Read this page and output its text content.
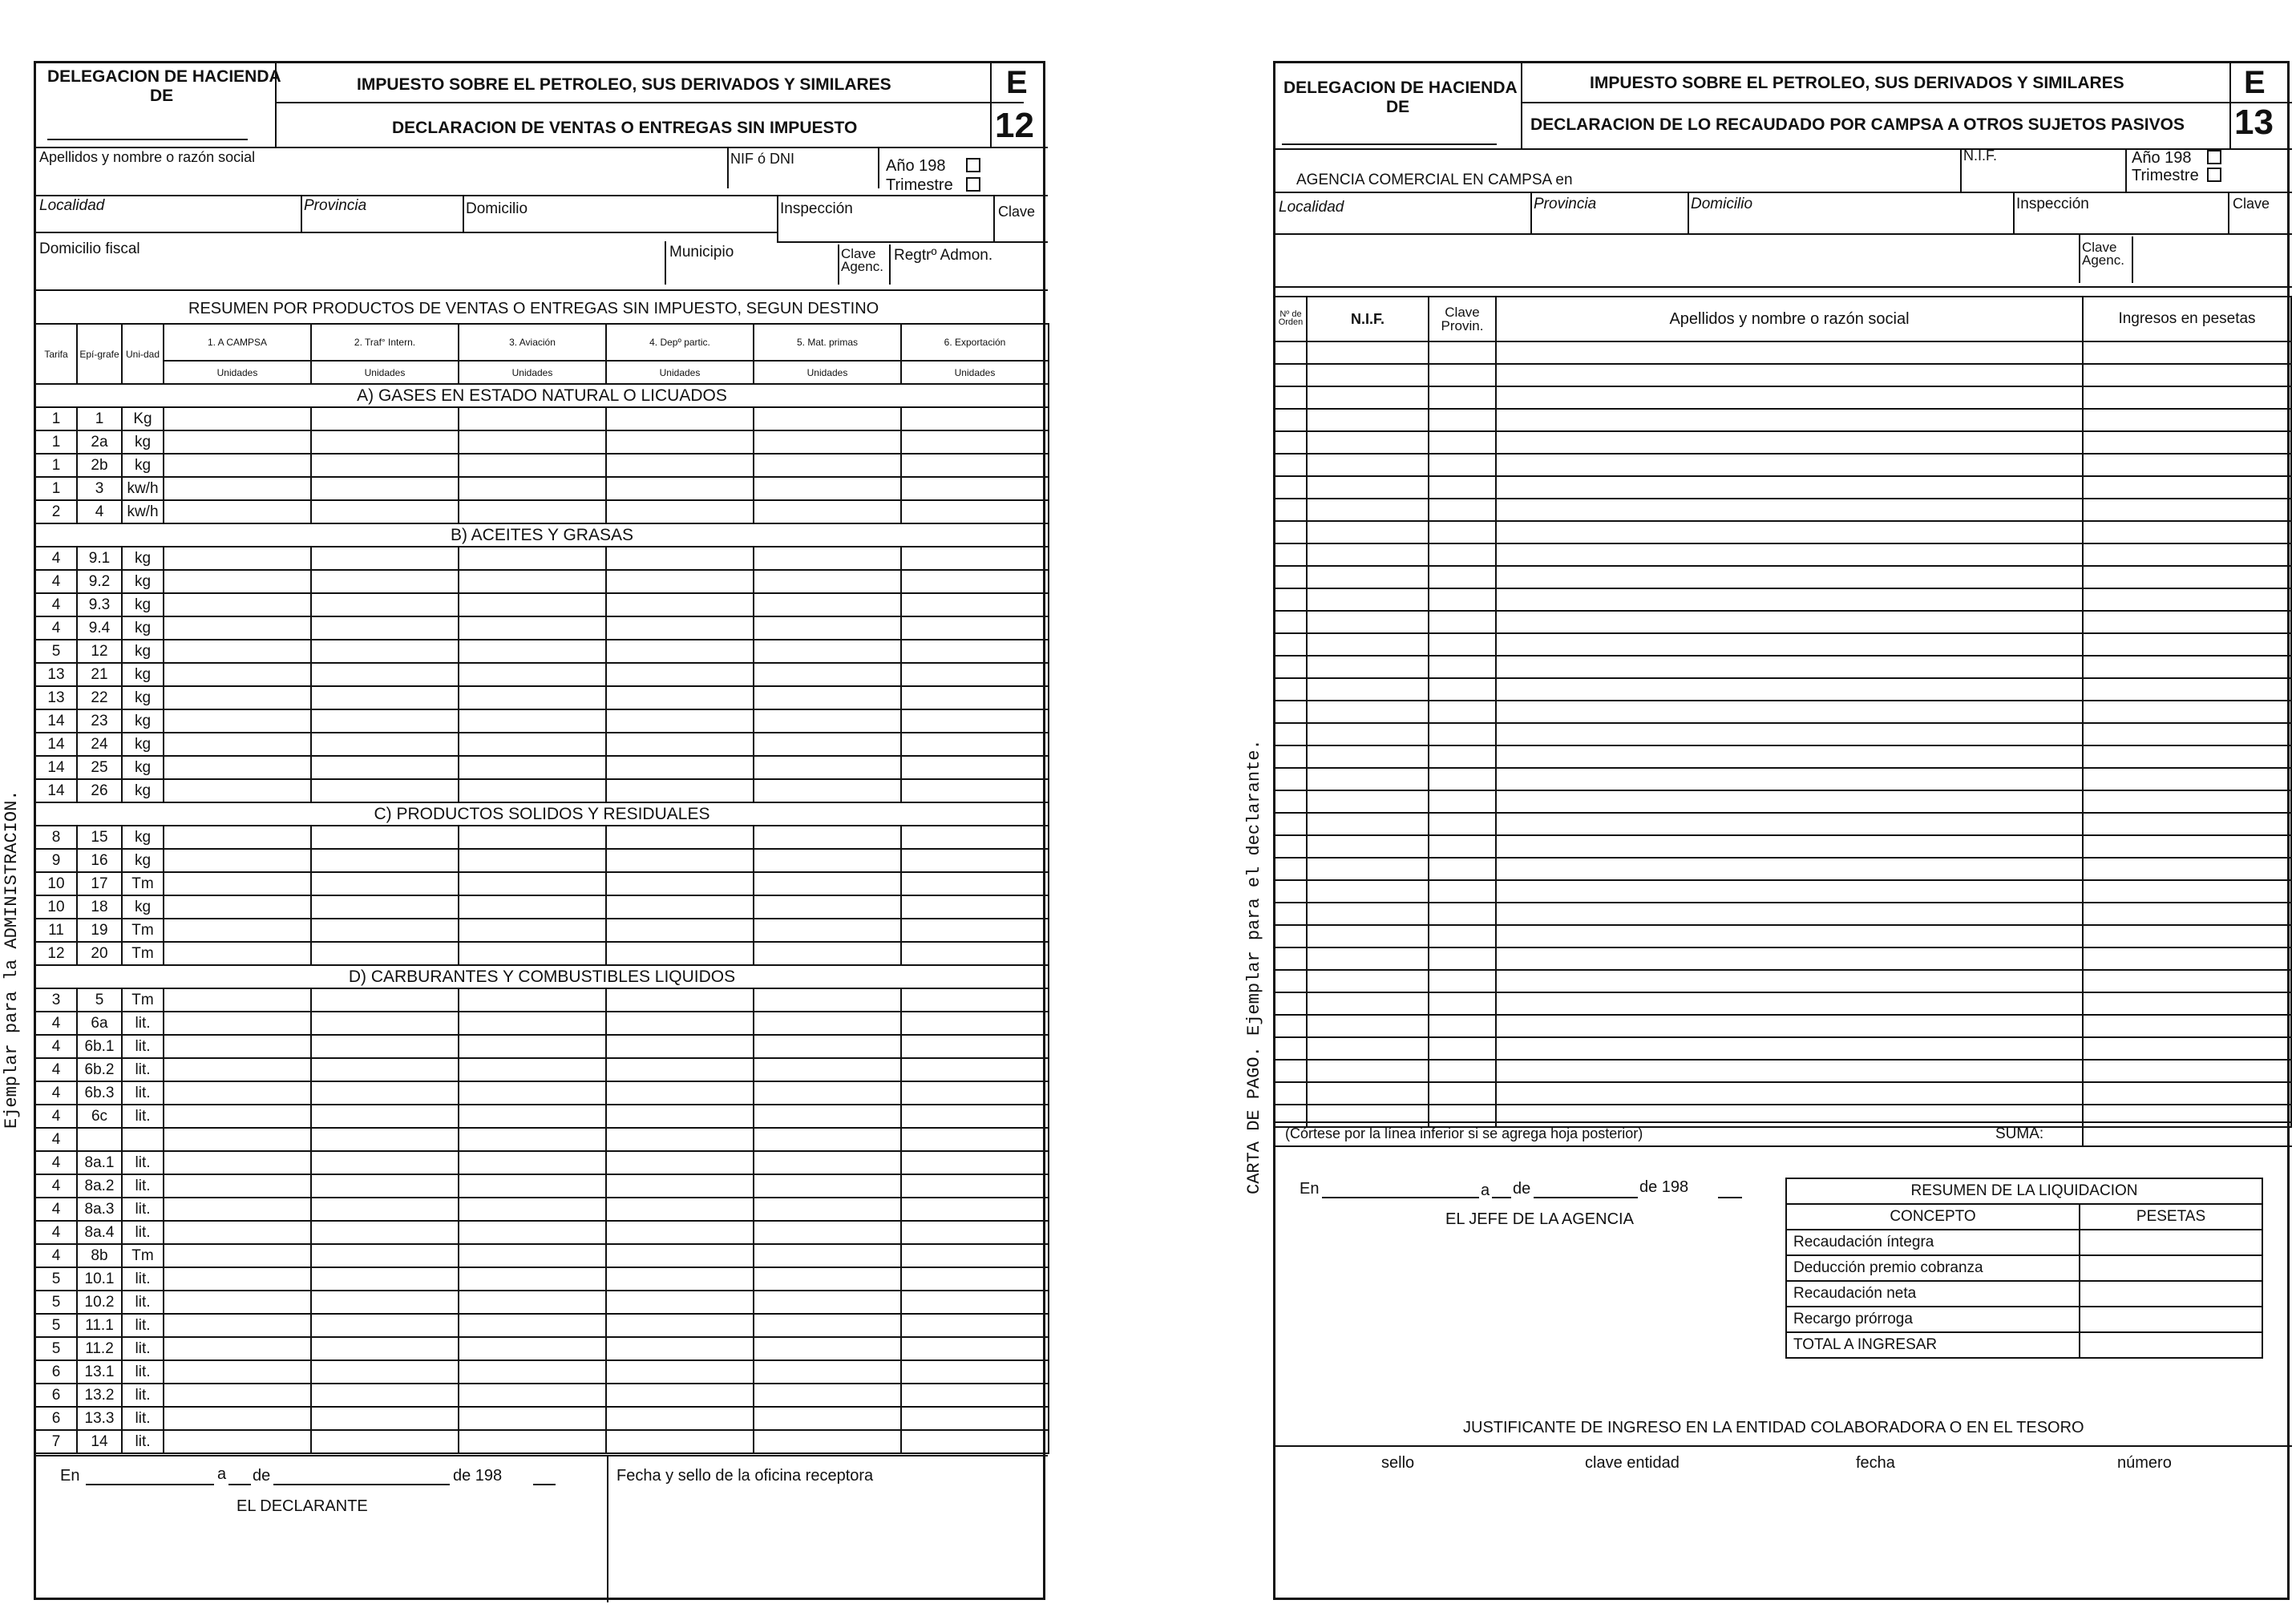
Ejemplar para la ADMINISTRACION.	CARTA DE PAGO. Ejemplar para el declarante.
DELEGACION DE HACIENDA
DE
IMPUESTO SOBRE EL PETROLEO, SUS DERIVADOS Y SIMILARES
DECLARACION DE VENTAS O ENTREGAS SIN IMPUESTO
E
12
Apellidos y nombre o razón social	NIF ó DNI	Año 198
Trimestre
Localidad	Provincia	Domicilio	Inspección	Clave
Domicilio fiscal	Municipio	Clave Agenc.
Regtrº Admon.
RESUMEN POR PRODUCTOS DE VENTAS O ENTREGAS SIN IMPUESTO, SEGUN DESTINO
Tarifa	Epí-grafe	Uni-dad	1. A CAMPSA	2. Traf° Intern.	3. Aviación	4. Depº partic.	5. Mat. primas	6. Exportación
			Unidades	Unidades	Unidades	Unidades	Unidades	Unidades
A) GASES EN ESTADO NATURAL O LICUADOS								
1	1	Kg						
1	2a	kg						
1	2b	kg						
1	3	kw/h						
2	4	kw/h						
B) ACEITES Y GRASAS								
4	9.1	kg						
4	9.2	kg						
4	9.3	kg						
4	9.4	kg						
5	12	kg						
13	21	kg						
13	22	kg						
14	23	kg						
14	24	kg						
14	25	kg						
14	26	kg						
C) PRODUCTOS SOLIDOS Y RESIDUALES								
8	15	kg						
9	16	kg						
10	17	Tm						
10	18	kg						
11	19	Tm						
12	20	Tm						
D) CARBURANTES Y COMBUSTIBLES LIQUIDOS								
3	5	Tm						
4	6a	lit.						
4	6b.1	lit.						
4	6b.2	lit.						
4	6b.3	lit.						
4	6c	lit.						
4								
4	8a.1	lit.						
4	8a.2	lit.						
4	8a.3	lit.						
4	8a.4	lit.						
4	8b	Tm						
5	10.1	lit.						
5	10.2	lit.						
5	11.1	lit.						
5	11.2	lit.						
6	13.1	lit.						
6	13.2	lit.						
6	13.3	lit.						
7	14	lit.						
En	a de	de 198
EL DECLARANTE
Fecha y sello de la oficina receptora
DELEGACION DE HACIENDA
DE
IMPUESTO SOBRE EL PETROLEO, SUS DERIVADOS Y SIMILARES
DECLARACION DE LO RECAUDADO POR CAMPSA A OTROS SUJETOS PASIVOS
E
13
N.I.F.	Año 198
Trimestre
AGENCIA COMERCIAL EN CAMPSA en
Localidad	Provincia	Domicilio	Inspección	Clave
Clave Agenc.
Nº de Orden	N.I.F.	Clave Provin.	Apellidos y nombre o razón social	Ingresos en pesetas

(Córtese por la línea inferior si se agrega hoja posterior)	SUMA:
En	a de	de 198
EL JEFE DE LA AGENCIA
RESUMEN DE LA LIQUIDACION	
CONCEPTO	PESETAS
Recaudación íntegra	
Deducción premio cobranza	
Recaudación neta	
Recargo prórroga	
TOTAL A INGRESAR	
JUSTIFICANTE DE INGRESO EN LA ENTIDAD COLABORADORA O EN EL TESORO
sello	clave entidad	fecha	número
